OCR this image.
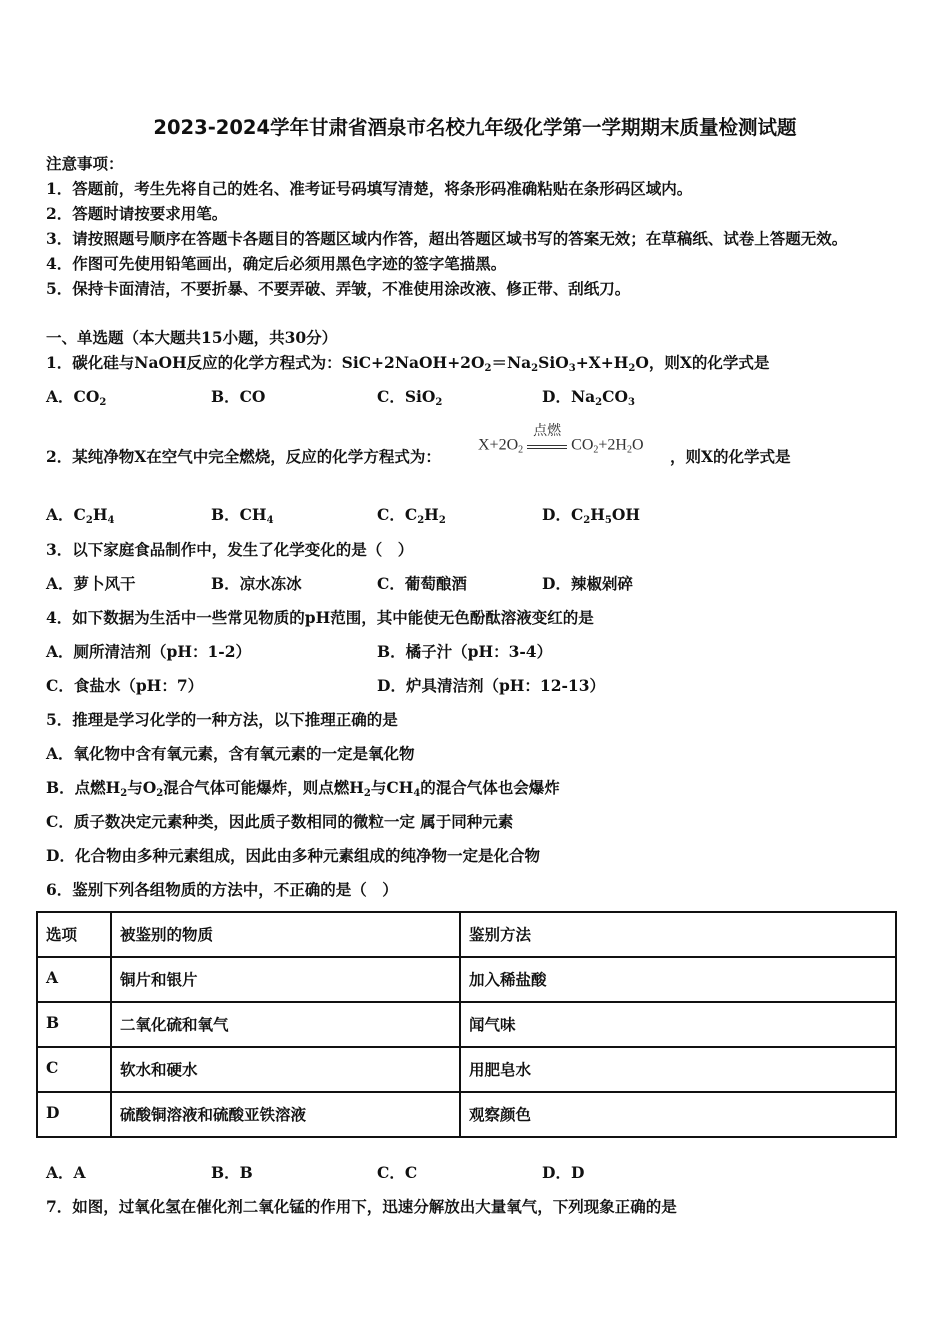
2023-2024学年甘肃省酒泉市名校九年级化学第一学期期末质量检测试题
注意事项：
1．答题前，考生先将自己的姓名、准考证号码填写清楚，将条形码准确粘贴在条形码区域内。
2．答题时请按要求用笔。
3．请按照题号顺序在答题卡各题目的答题区域内作答，超出答题区域书写的答案无效；在草稿纸、试卷上答题无效。
4．作图可先使用铅笔画出，确定后必须用黑色字迹的签字笔描黑。
5．保持卡面清洁，不要折暴、不要弄破、弄皱，不准使用涂改液、修正带、刮纸刀。
一、单选题（本大题共15小题，共30分）
1．碳化硅与NaOH反应的化学方程式为：$SiC+2NaOH+2O_2=Na_2SiO_3+X+H_2O$，则X的化学式是
A．$CO_2$	B．CO	C．SiO$_2$	D．$Na_2CO_3$
2．某纯净物X在空气中完全燃烧，反应的化学方程式为：
$X+2O_2$
点燃
$CO_2+2H_2O$
，则X的化学式是
A．$C_2H_4$	B．$CH_4$	C．$C_2H_2$	D．$C_2H_5OH$
3．以下家庭食品制作中，发生了化学变化的是（　）
A．萝卜风干	B．凉水冻冰	C．葡萄酿酒	D．辣椒剁碎
4．如下数据为生活中一些常见物质的pH范围，其中能使无色酚酞溶液变红的是
A．厕所清洁剂（pH：1-2）	B．橘子汁（pH：3-4）
C．食盐水（pH：7）	D．炉具清洁剂（pH：12-13）
5．推理是学习化学的一种方法，以下推理正确的是
A．氧化物中含有氧元素，含有氧元素的一定是氧化物
B．点燃$H_2$与$O_2$混合气体可能爆炸，则点燃$H_2$与$CH_4$的混合气体也会爆炸
C．质子数决定元素种类，因此质子数相同的微粒一定 属于同种元素
D．化合物由多种元素组成，因此由多种元素组成的纯净物一定是化合物
6．鉴别下列各组物质的方法中，不正确的是（　）
选项	被鉴别的物质	鉴别方法
A	铜片和银片	加入稀盐酸
B	二氧化硫和氧气	闻气味
C	软水和硬水	用肥皂水
D	硫酸铜溶液和硫酸亚铁溶液	观察颜色
A．A	B．B	C．C	D．D
7．如图，过氧化氢在催化剂二氧化锰的作用下，迅速分解放出大量氧气，下列现象正确的是
